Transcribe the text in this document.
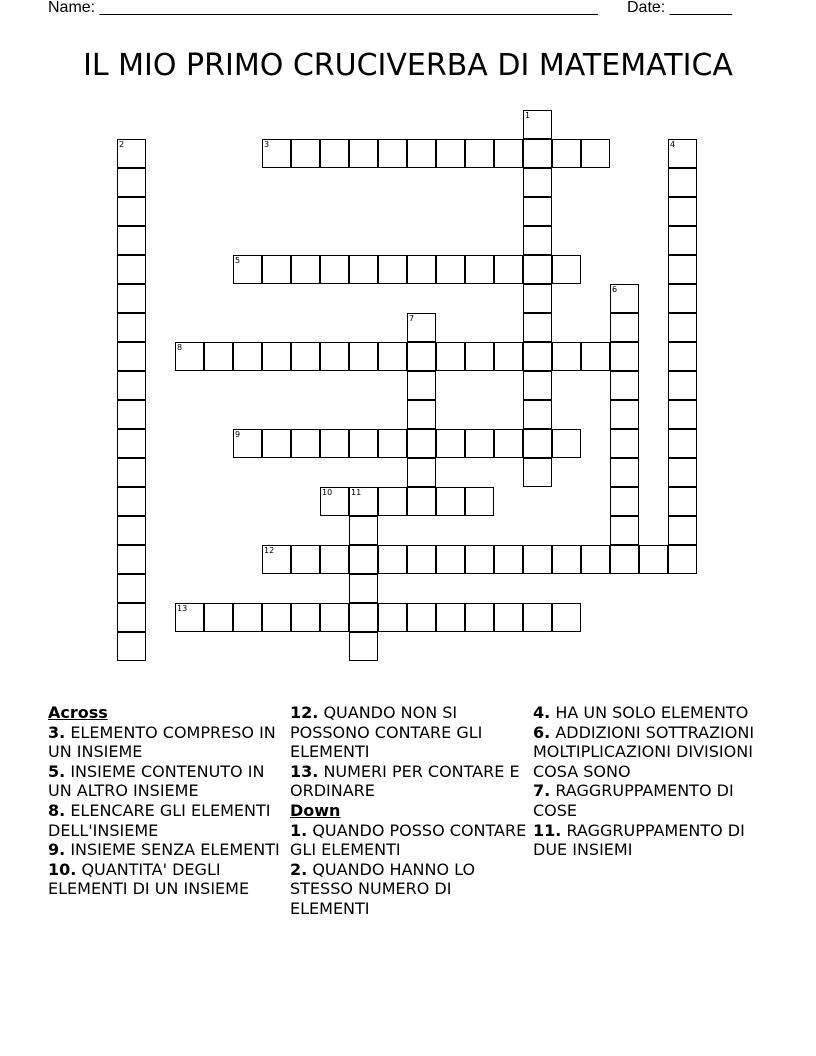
Name: ________________________________________________________ Date: _______
IL MIO PRIMO CRUCIVERBA DI MATEMATICA
1
2	3	4
5
6
7
8
9
10 11
12
13

Across

3. ELEMENTO COMPRESO IN UN INSIEME

5. INSIEME CONTENUTO IN UN ALTRO INSIEME

8. ELENCARE GLI ELEMENTI DELL'INSIEME

9. INSIEME SENZA ELEMENTI

10. QUANTITA' DEGLI ELEMENTI DI UN INSIEME

12. QUANDO NON SI POSSONO CONTARE GLI ELEMENTI

13. NUMERI PER CONTARE E ORDINARE

Down

1. QUANDO POSSO CONTARE GLI ELEMENTI

2. QUANDO HANNO LO STESSO NUMERO DI ELEMENTI

4. HA UN SOLO ELEMENTO

6. ADDIZIONI SOTTRAZIONI MOLTIPLICAZIONI DIVISIONI COSA SONO

7. RAGGRUPPAMENTO DI COSE

11. RAGGRUPPAMENTO DI DUE INSIEMI
